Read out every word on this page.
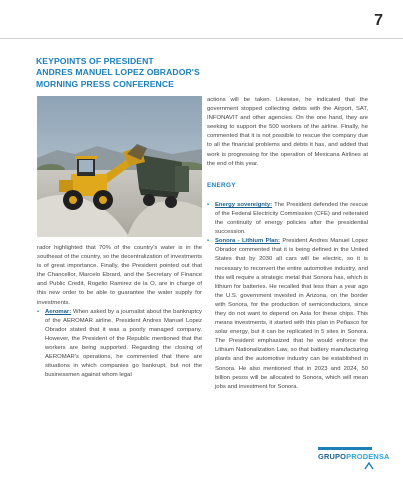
7
KEYPOINTS OF PRESIDENT
ANDRES MANUEL LOPEZ OBRADOR'S
MORNING PRESS CONFERENCE

rador highlighted that 70% of the country's water is in the southeast of the country, so the decentralization of investments is of great importance. Finally, the President pointed out that the Chancellor, Marcelo Ebrard, and the Secretary of Finance and Public Credit, Rogelio Ramirez de la O, are in charge of this new order to be able to guarantee the water supply for investments.

• Aeromar: When asked by a journalist about the bankruptcy of the AEROMAR airline, President Andres Manuel Lopez Obrador stated that it was a poorly managed company. However, the President of the Republic mentioned that the workers are being supported. Regarding the closing of AEROMAR's operations, he commented that there are situations in which companies go bankrupt, but not the businessmen against whom legal

actions will be taken. Likewise, he indicated that the government stopped collecting debts with the Airport, SAT, INFONAVIT and other agencies. On the one hand, they are seeking to support the 500 workers of the airline. Finally, he commented that it is not possible to rescue the company due to all the financial problems and debts it has, and added that work is progressing for the operation of Mexicana Airlines at the end of this year.

ENERGY

• Energy sovereignty: The President defended the rescue of the Federal Electricity Commission (CFE) and reiterated the continuity of energy policies after the presidential succession.

• Sonora - Lithium Plan: President Andres Manuel Lopez Obrador commented that it is being defined in the United States that by 2030 all cars will be electric, so it is necessary to reconvert the entire automotive industry, and this will require a strategic metal that Sonora has, which is lithium for batteries. He recalled that less than a year ago the U.S. government invested in Arizona, on the border with Sonora, for the production of semiconductors, since they do not want to depend on Asia for these chips. This means investments, it started with this plan in Peñasco for solar energy, but it can be replicated in 5 sites in Sonora. The President emphasized that he would enforce the Lithium Nationalization Law, so that battery manufacturing plants and the automotive industry can be established in Sonora. He also mentioned that in 2023 and 2024, 50 billion pesos will be allocated to Sonora, which will mean jobs and investment for Sonora.

GRUPOPRODENSA
